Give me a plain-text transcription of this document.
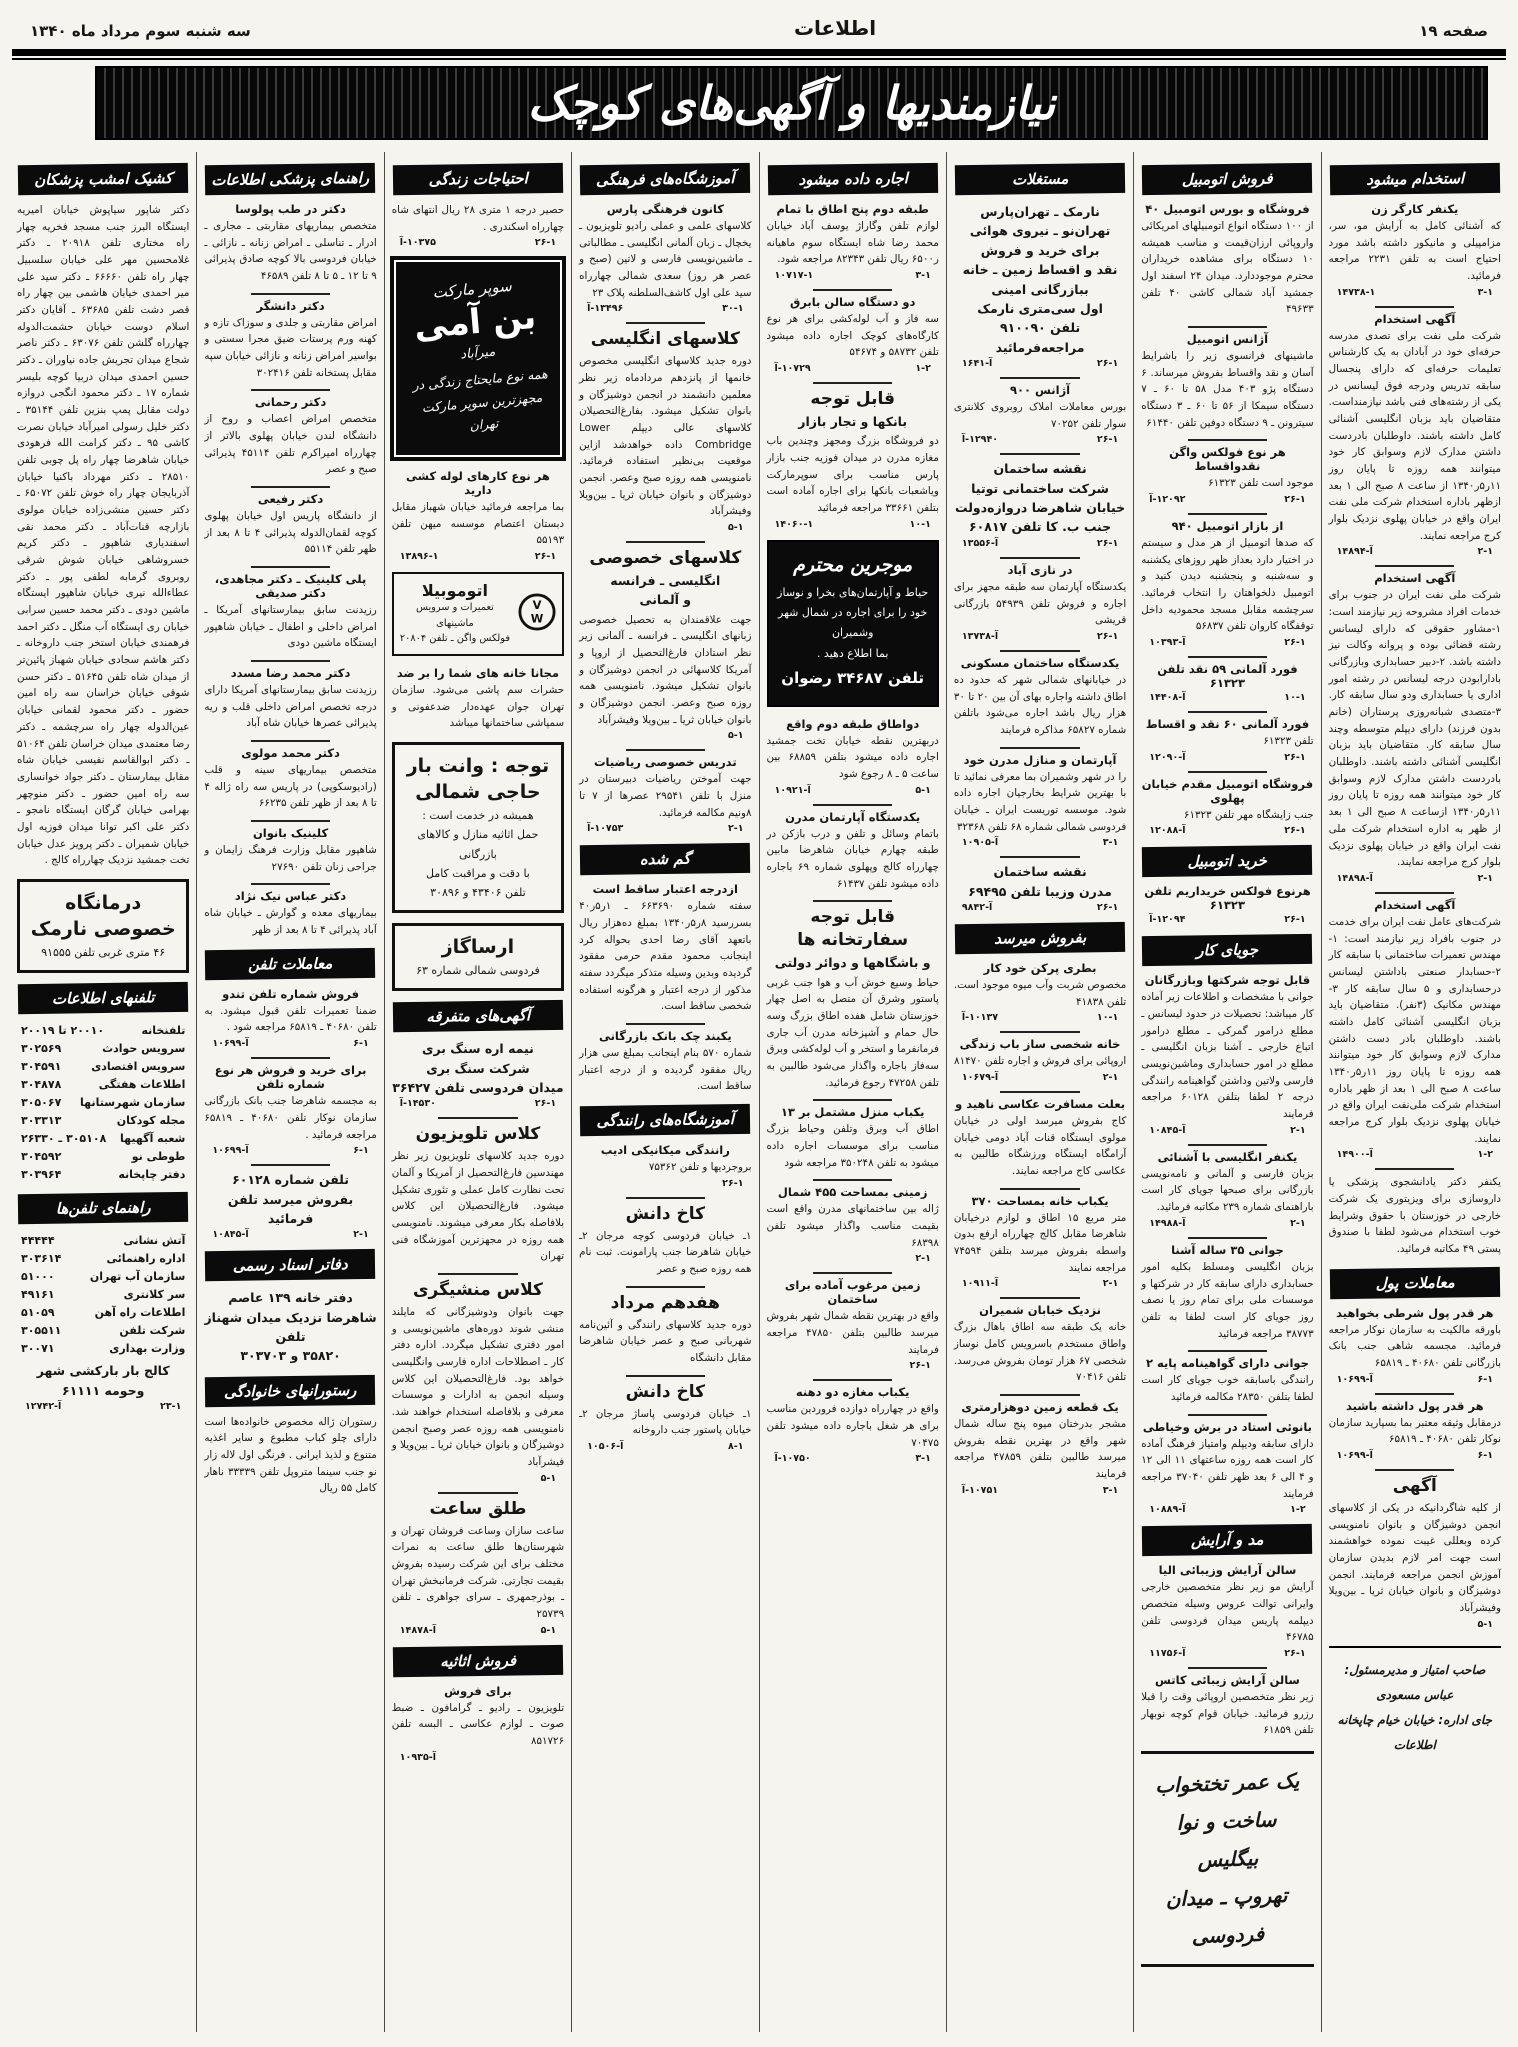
صفحه ۱۹
اطلاعات
سه شنبه سوم مرداد ماه ۱۳۴۰
نیازمندیها و آگهی‌های کوچک
استخدام میشود
یکنفر کارگر زن

که آشنائی کامل به آرایش مو، سر، مزامپیلی و مانیکور داشته باشد مورد احتیاج است به تلفن ۲۲۳۱ مراجعه فرمائید.

۳-۱
۱۴۷۳۸-۱
آگهی استخدام

شرکت ملی نفت برای تصدی مدرسه حرفه‌ای خود در آبادان به یک کارشناس تعلیمات حرفه‌ای که دارای پنجسال سابقه تدریس ودرجه فوق لیسانس در یکی از رشته‌های فنی باشد نیازمنداست. متقاضیان باید بزبان انگلیسی آشنائی کامل داشته باشند. داوطلبان بادردست داشتن مدارک لازم وسوابق کار خود میتوانند همه روزه تا پایان روز ۱۱ر۵ر۱۳۴۰ از ساعت ۸ صبح الی ۱ بعد ازظهر باداره استخدام شرکت ملی نفت ایران واقع در خیابان پهلوی نزدیک بلوار کرج مراجعه نمایند.

۲-۱
آ-۱۴۸۹۴
آگهی استخدام

شرکت ملی نفت ایران در جنوب برای خدمات افراد مشروحه زیر نیازمند است: ۱-مشاور حقوقی که دارای لیسانس رشته قضائی بوده و پروانه وکالت نیز داشته باشد. ۲-دبیر حسابداری وبازرگانی بادارابودن درجه لیسانس در رشته امور اداری یا حسابداری ودو سال سابقه کار. ۳-متصدی شبانه‌روزی پرستاران (خانم بدون فرزند) دارای دیپلم متوسطه وچند سال سابقه کار. متقاضیان باید بزبان انگلیسی آشنائی داشته باشند. داوطلبان بادردست داشتن مدارک لازم وسوابق کار خود میتوانند همه روزه تا پایان روز ۱۱ر۵ر۱۳۴۰ ازساعت ۸ صبح الی ۱ بعد از ظهر به اداره استخدام شرکت ملی نفت ایران واقع در خیابان پهلوی نزدیک بلوار کرج مراجعه نمایند.

۲-۱
آ-۱۴۸۹۸
آگهی استخدام

شرکت‌های عامل نفت ایران برای خدمت در جنوب بافراد زیر نیازمند است: ۱-مهندس تعمیرات ساختمانی با سابقه کار ۲-حسابدار صنعتی باداشتن لیسانس درحسابداری و ۵ سال سابقه کار ۳-مهندس مکانیک (۳نفر). متقاضیان باید بزبان انگلیسی آشنائی کامل داشته باشند. داوطلبان بادر دست داشتن مدارک لازم وسوابق کار خود میتوانند همه روزه تا پایان روز ۱۱ر۵ر۱۳۴۰ ساعت ۸ صبح الی ۱ بعد از ظهر باداره استخدام شرکت ملی‌نفت ایران واقع در خیابان پهلوی نزدیک بلوار کرج مراجعه نمایند.

۱-۲
آ-۱۴۹۰۰

یکنفر دکتر یادانشجوی پزشکی یا داروسازی برای ویزیتوری یک شرکت خارجی در خوزستان با حقوق وشرایط خوب استخدام می‌شود لطفا با صندوق پستی ۴۹ مکاتبه فرمائید.

معاملات پول
هر قدر پول شرطی بخواهید

باورقه مالکیت به سازمان نوکار مراجعه فرمائید. مجسمه شاهی جنب بانک بازرگانی تلفن ۴۰۶۸۰ ـ ۶۵۸۱۹

۶-۱
آ-۱۰۶۹۹
هر قدر پول داشته باشید

درمقابل وثیقه معتبر بما بسپارید سازمان نوکار تلفن ۴۰۶۸۰ ـ ۶۵۸۱۹

۶-۱
آ-۱۰۶۹۹
آگهی

از کلیه شاگردانیکه در یکی از کلاسهای انجمن دوشیزگان و بانوان نامنویسی کرده وبعللی غیبت نموده خواهشمند است جهت امر لازم بدیدن سازمان آموزش انجمن مراجعه فرمایند. انجمن دوشیزگان و بانوان خیابان ثریا ـ بین‌ویلا وفیشرآباد

۵-۱
صاحب امتیاز و مدیرمسئول: عباس مسعودی
جای اداره: خیابان خیام چاپخانه اطلاعات
فروش اتومبیل
فروشگاه و بورس اتومبیل ۴۰

از ۱۰۰ دستگاه انواع اتومبیلهای امریکائی واروپائی ارزان‌قیمت و مناسب همیشه ۱۰ دستگاه برای مشاهده خریداران محترم موجوددارد. میدان ۲۴ اسفند اول جمشید آباد شمالی کاشی ۴۰ تلفن ۴۹۶۳۳

آژانس اتومبیل

ماشینهای فرانسوی زیر را باشرایط آسان و نقد واقساط بفروش میرساند. ۶ دستگاه پژو ۴۰۳ مدل ۵۸ تا ۶۰ ـ ۷ دستگاه سیمکا از ۵۶ تا ۶۰ ـ ۳ دستگاه سیترونن ـ ۹ دستگاه دوفین تلفن ۶۱۴۴۰

هر نوع فولکس واگن نقدواقساط

موجود است تلفن ۶۱۳۲۳

۲۶-۱
۱۲۰۹۲-آ
از بازار اتومبیل ۹۴۰

که صدها اتومبیل از هر مدل و سیستم در اختیار دارد بعداز ظهر روزهای یکشنبه و سه‌شنبه و پنجشنبه دیدن کنید و اتومبیل دلخواهتان را انتخاب فرمائید. سرچشمه مقابل مسجد محمودیه داخل توقفگاه کاروان تلفن ۵۶۸۳۷

۲۶-۱
آ-۱۰۳۹۳
فورد آلمانی ۵۹ نقد تلفن ۶۱۳۲۳
۱۰-۱
آ-۱۴۴۰۸
فورد آلمانی ۶۰ نقد و اقساط

تلفن ۶۱۳۲۳

۲۶-۱
آ-۱۲۰۹۰
فروشگاه اتومبیل مقدم خیابان پهلوی

جنب زایشگاه مهر تلفن ۶۱۳۲۳

۲۶-۱
آ-۱۲۰۸۸
خرید اتومبیل
هرنوع فولکس خریداریم تلفن ۶۱۳۲۳
۲۶-۱
۱۲۰۹۴-آ
جویای کار
قابل توجه شرکتها وبازرگانان

جوانی با مشخصات و اطلاعات زیر آماده کار میباشد: تحصیلات در حدود لیسانس ـ مطلع درامور گمرکی ـ مطلع درامور اتباع خارجی ـ آشنا بزبان انگلیسی ـ مطلع در امور حسابداری وماشین‌نویسی فارسی ولاتین وداشتن گواهینامه رانندگی درجه ۲ لطفا بتلفن ۶۰۱۲۸ مراجعه فرمایند

۲-۱
آ-۱۰۸۴۵
یکنفر انگلیسی با آشنائی

بزبان فارسی و آلمانی و نامه‌نویسی بازرگانی برای صبحها جویای کار است باراهنمای شماره ۲۳۹ مکاتبه فرمائید.

۲-۱
آ-۱۴۹۸۸
جوانی ۳۵ ساله آشنا

بزبان انگلیسی ومسلط بکلیه امور حسابداری دارای سابقه کار در شرکتها و موسسات ملی برای تمام روز یا نصف روز جویای کار است لطفا به تلفن ۳۸۷۷۳ مراجعه فرمائید

جوانی دارای گواهینامه پایه ۲

رانندگی باسابقه خوب جویای کار است لطفا بتلفن ۲۸۳۵۰ مکالمه فرمائید

بانوئی استاد در برش وخیاطی

دارای سابقه ودیپلم وامتیاز فرهنگ آماده کار است همه روزه ساعتهای ۱۱ الی ۱۲ و ۴ الی ۶ بعد ظهر تلفن ۳۷۰۴۰ مراجعه فرمایند

۱-۲
آ-۱۰۸۸۹
مد و آرایش
سالن آرایش وزیبائی الیا

آرایش مو زیر نظر متخصصین خارجی وایرانی توالت عروس وسیله متخصص دیپلمه پاریس میدان فردوسی تلفن ۴۶۷۸۵

۲۶-۱
آ-۱۱۷۵۶
سالن آرایش زیبائی کاتس

زیر نظر متخصصین اروپائی وقت را قبلا رزرو فرمائید. خیابان قوام کوچه نوبهار تلفن ۶۱۸۵۹

یک عمر تختخواب
ساخت و نوا بیگلیس
تهروپ ـ میدان فردوسی
مستغلات
نارمک ـ تهران‌پارس
تهران‌نو ـ نیروی هوائی
برای خرید و فروش
نقد و اقساط زمین ـ خانه
ببازرگانی امینی
اول سی‌متری نارمک
تلفن ۹۱۰۰۹۰ مراجعه‌فرمائید
۲۶-۱
آ-۱۶۴۱
آژانس ۹۰۰

بورس معاملات املاک روبروی کلانتری سوار تلفن ۷۰۲۵۲

۲۶-۱
۱۲۹۴۰-آ
نقشه ساختمان
شرکت ساختمانی توتیا
خیابان شاهرضا دروازه‌دولت
جنب ب. کا تلفن ۶۰۸۱۷
۲۶-۱
آ-۱۳۵۵۶
در نازی آباد

یکدستگاه آپارتمان سه طبقه مجهز برای اجاره و فروش تلفن ۵۴۹۳۹ بازرگانی قریشی

۲۶-۱
آ-۱۳۷۳۸
یکدستگاه ساختمان مسکونی

در خیابانهای شمالی شهر که حدود ده اطاق داشته واجاره بهای آن بین ۲۰ تا ۳۰ هزار ریال باشد اجاره می‌شود باتلفن شماره ۶۵۸۲۷ مذاکره فرمایند

آپارتمان و منازل مدرن خود

را در شهر وشمیران بما معرفی نمائید تا با بهترین شرایط بخارجیان اجاره داده شود. موسسه توریست ایران ـ خیابان فردوسی شمالی شماره ۶۸ تلفن ۳۲۳۶۸

۳-۱
آ-۱۰۹۰۵
نقشه ساختمان
مدرن وزیبا تلفن ۶۹۴۹۵
۲۶-۱
آ-۹۸۴۲
بفروش میرسد
بطری پرکن خود کار

مخصوص شربت وآب میوه موجود است. تلفن ۴۱۸۳۸

۱۰-۱
۱۰۱۳۷-آ
خانه شخصی ساز باب زندگی

اروپائی برای فروش و اجاره تلفن ۸۱۴۷۰

۲-۱
آ-۱۰۶۷۹
بعلت مسافرت عکاسی ناهید و

کاج بفروش میرسد اولی در خیابان مولوی ایستگاه قنات آباد دومی خیابان آرامگاه ایستگاه ورزشگاه طالبین به عکاسی کاج مراجعه نمایند.

یکباب خانه بمساحت ۳۷۰

متر مربع ۱۵ اطاق و لوازم درخیابان شاهرضا مقابل کالج چهارراه ارفع بدون واسطه بفروش میرسد بتلفن ۷۴۵۹۴ مراجعه نمایند

۲-۱
آ-۱۰۹۱۱
نزدیک خیابان شمیران

خانه یک طبقه سه اطاق باهال بزرگ واطاق مستخدم باسرویس کامل نوساز شخصی ۶۷ هزار تومان بفروش می‌رسد. تلفن ۷۰۴۱۶

یک قطعه زمین دوهزارمتری

مشجر بدرختان میوه پنج ساله شمال شهر واقع در بهترین نقطه بفروش میرسد طالبین بتلفن ۴۷۸۵۹ مراجعه فرمایند

۳-۱
۱۰۷۵۱-آ
اجاره داده میشود
طبقه دوم پنج اطاق با تمام

لوازم تلفن وگاراژ یوسف آباد خیابان محمد رضا شاه ایستگاه سوم ماهیانه ر۶۵۰۰ ریال تلفن ۸۲۳۴۳ مراجعه شود.

۳-۱
۱۰۷۱۷-۱
دو دستگاه سالن بابرق

سه فاز و آب لوله‌کشی برای هر نوع کارگاه‌های کوچک اجاره داده میشود تلفن ۵۸۷۳۲ و ۵۴۶۷۴

۱-۲
۱۰۷۲۹-آ
قابل توجه
بانکها و تجار بازار

دو فروشگاه بزرگ ومجهز وچندین باب مغازه مدرن در میدان فوزیه جنب بازار پارس مناسب برای سوپرمارکت ویاشعبات بانکها برای اجاره آماده است بتلفن ۳۳۶۶۱ مراجعه فرمائید

۱۰-۱
۱۴۰۶۰-۱
موجرین محترم
حیاط و آپارتمان‌های بخرا و نوساز
خود را برای اجاره در شمال شهر وشمیران
بما اطلاع دهید .
تلفن ۳۴۶۸۷ رضوان
دواطاق طبقه دوم واقع

دربهترین نقطه خیابان تخت جمشید اجاره داده میشود بتلفن ۶۸۸۵۹ بین ساعت ۵ ـ ۸ رجوع شود

۵-۱
آ-۱۰۹۲۱
یکدستگاه آپارتمان مدرن

باتمام وسائل و تلفن و درب بازکن در طبقه چهارم خیابان شاهرضا مابین چهارراه کالج وپهلوی شماره ۶۹ باجاره داده میشود تلفن ۶۱۴۳۷

قابل توجه سفارتخانه ها
و باشگاهها و دوائر دولتی

حیاط وسیع خوش آب و هوا جنب غربی پاستور وشرق آن متصل به اصل چهار خوزستان شامل هفده اطاق بزرگ وسه حال حمام و آشپزخانه مدرن آب جاری فرمانفرما و استخر و آب لوله‌کشی وبرق سه‌فاز باجاره واگذار می‌شود طالبین به تلفن ۴۷۲۵۸ رجوع فرمائید.

یکباب منزل مشتمل بر ۱۳

اطاق آب وبرق وتلفن وحیاط بزرگ مناسب برای موسسات اجاره داده میشود به تلفن ۳۵۰۲۴۸ مراجعه شود

زمینی بمساحت ۴۵۵ شمال

ژاله بین ساختمانهای مدرن واقع است بقیمت مناسب واگذار میشود تلفن ۶۸۳۹۸

۲-۱
زمین مرغوب آماده برای ساختمان

واقع در بهترین نقطه شمال شهر بفروش میرسد طالبین بتلفن ۴۷۸۵۰ مراجعه فرمایند

۲۶-۱
یکباب مغازه دو دهنه

واقع در چهارراه دوازده فروردین مناسب برای هر شغل باجاره داده میشود تلفن ۷۰۴۷۵

۳-۱
۱۰۷۵۰-آ
آموزشگاه‌های فرهنگی
کانون فرهنگی پارس

کلاسهای علمی و عملی رادیو تلویزیون ـ یخچال ـ زبان آلمانی انگلیسی ـ مطالباتی ـ ماشین‌نویسی فارسی و لاتین (صبح و عصر هر روز) سعدی شمالی چهارراه سید علی اول کاشف‌السلطنه پلاک ۲۳

۳۰-۱
۱۳۴۹۶-آ
کلاسهای انگلیسی

دوره جدید کلاسهای انگلیسی مخصوص خانمها از پانزدهم مردادماه زیر نظر معلمین دانشمند در انجمن دوشیزگان و بانوان تشکیل میشود. بفارغ‌التحصیلان کلاسهای عالی دیپلم Lower Combridge داده خواهدشد ازاین موقعیت بی‌نظیر استفاده فرمائید. نامنویسی همه روزه صبح وعصر. انجمن دوشیزگان و بانوان خیابان ثریا ـ بین‌ویلا وفیشرآباد

۵-۱
کلاسهای خصوصی
انگلیسی ـ فرانسه
و آلمانی

جهت علاقمندان به تحصیل خصوصی زبانهای انگلیسی ـ فرانسه ـ آلمانی زیر نظر استادان فارغ‌التحصیل از اروپا و آمریکا کلاسهائی در انجمن دوشیزگان و بانوان تشکیل میشود. نامنویسی همه روزه صبح وعصر. انجمن دوشیزگان و بانوان خیابان ثریا ـ بین‌ویلا وفیشرآباد

۵-۱
تدریس خصوصی ریاضیات

جهت آموختن ریاضیات دبیرستان در منزل با تلفن ۲۹۵۴۱ عصرها از ۷ تا ۸ونیم مکالمه فرمائید.

۲-۱
۱۰۷۵۳-آ
گم شده
ازدرجه اعتبار ساقط است

سفته شماره ۶۶۳۶۹۰ ـ ۱ر۵ر۴۰ بسررسید ۸ر۵ر۱۳۴۰ بمبلغ ده‌هزار ریال باتعهد آقای رضا احدی بحواله کرد اینجانب محمود مقدم حرمی مفقود گردیده وبدین وسیله متذکر میگردد سفته مذکور از درجه اعتبار و هرگونه استفاده شخصی ساقط است.

یکبند چک بانک بازرگانی

شماره ۵۷۰ بنام اینجانب بمبلغ سی هزار ریال مفقود گردیده و از درجه اعتبار ساقط است.

آموزشگاه‌های رانندگی
رانندگی میکانیکی ادیب

بروجردیها و تلفن ۷۵۳۶۲

۲۶-۱
کاخ دانش

۱ـ خیابان فردوسی کوچه مرجان ۲ـ خیابان شاهرضا جنب پارامونت. ثبت نام همه روزه صبح و عصر

هفدهم مرداد

دوره جدید کلاسهای رانندگی و آئین‌نامه شهربانی صبح و عصر خیابان شاهرضا مقابل دانشگاه

کاخ دانش

۱ـ خیابان فردوسی پاساژ مرجان ۲ـ خیابان پاستور جنب داروخانه

۸-۱
آ-۱۰۵۰۶
احتیاجات زندگی

حصیر درجه ۱ متری ۲۸ ریال انتهای شاه چهارراه اسکندری .

۲۶-۱
۱۰۳۷۵-آ
سوپر مارکت
بن آمی
میرآباد
همه نوع مایحتاج زندگی در
مجهزترین سوپر مارکت تهران
هر نوع کارهای لوله کشی دارید

بما مراجعه فرمائید خیابان شهباز مقابل دبستان اعتصام موسسه میهن تلفن ۵۵۱۹۳

۲۶-۱
۱۳۸۹۶-۱
V
W
اتوموبیلا
تعمیرات و سرویس ماشینهای
فولکس واگن ـ تلفن ۲۰۸۰۴
مجانا خانه های شما را بر ضد

حشرات سم پاشی می‌شود. سازمان تهران جوان عهده‌دار ضدعفونی و سمپاشی ساختمانها میباشد

توجه : وانت بار حاجی شمالی
همیشه در خدمت است :
حمل اثاثیه منازل و کالاهای بازرگانی
با دقت و مراقبت کامل
تلفن ۴۳۴۰۶ و ۳۰۸۹۶
ارساگاز
فردوسی شمالی شماره ۶۳
آگهی‌های متفرقه
نیمه اره سنگ بری
شرکت سنگ بری
میدان فردوسی تلفن ۳۶۴۲۷
۲۶-۱
۱۴۵۳۰-آ
کلاس تلویزیون

دوره جدید کلاسهای تلویزیون زیر نظر مهندسین فارغ‌التحصیل از آمریکا و آلمان تحت نظارت کامل عملی و تئوری تشکیل میشود. فارغ‌التحصیلان این کلاس بلافاصله بکار معرفی میشوند. نامنویسی همه روزه در مجهزترین آموزشگاه فنی تهران

کلاس منشیگری

جهت بانوان ودوشیزگانی که مایلند منشی شوند دوره‌های ماشین‌نویسی و امور دفتری تشکیل میگردد. اداره دفتر کار ـ اصطلاحات اداره فارسی وانگلیسی خواهد بود. فارغ‌التحصیلان این کلاس وسیله انجمن به ادارات و موسسات معرفی و بلافاصله استخدام خواهند شد. نامنویسی همه روزه عصر وصبح انجمن دوشیزگان و بانوان خیابان ثریا ـ بین‌ویلا و فیشرآباد

۵-۱
طلق ساعت

ساعت سازان وساعت فروشان تهران و شهرستان‌ها طلق ساعت به نمرات مختلف برای این شرکت رسیده بفروش بقیمت تجارتی. شرکت فرمانبخش تهران ـ بوذرجمهری ـ سرای جواهری ـ تلفن ۲۵۷۳۹

۵-۱
آ-۱۴۸۷۸
فروش اثاثیه
برای فروش

تلویزیون ـ رادیو ـ گرامافون ـ ضبط صوت ـ لوازم عکاسی ـ البسه تلفن ۸۵۱۷۲۶

آ-۱۰۹۳۵
راهنمای پزشکی اطلاعات
دکتر در طب پولوسا

متخصص بیماریهای مقاربتی ـ مجاری ـ ادرار ـ تناسلی ـ امراض زنانه ـ نازائی ـ خیابان فردوسی بالا کوچه صادق پذیرائی ۹ تا ۱۲ ـ ۵ تا ۸ تلفن ۴۶۵۸۹

دکتر دانشگر

امراض مقاربتی و جلدی و سوزاک تازه و کهنه ورم پرستات ضیق مجرا سستی و بواسیر امراض زنانه و نازائی خیابان سپه مقابل پستخانه تلفن ۳۰۲۴۱۶

دکتر رحمانی

متخصص امراض اعصاب و روح از دانشگاه لندن خیابان پهلوی بالاتر از چهارراه امیراکرم تلفن ۴۵۱۱۴ پذیرائی صبح و عصر

دکتر رفیعی

از دانشگاه پاریس اول خیابان پهلوی کوچه لقمان‌الدوله پذیرائی ۴ تا ۸ بعد از ظهر تلفن ۵۵۱۱۴

پلی کلینیک ـ دکتر مجاهدی، دکتر صدیقی

رزیدنت سابق بیمارستانهای آمریکا ـ امراض داخلی و اطفال ـ خیابان شاهپور ایستگاه ماشین دودی

دکتر محمد رضا مسدد

رزیدنت سابق بیمارستانهای آمریکا دارای درجه تخصص امراض داخلی قلب و ریه پذیرائی عصرها خیابان شاه آباد

دکتر محمد مولوی

متخصص بیماریهای سینه و قلب (رادیوسکوپی) در پاریس سه راه ژاله ۴ تا ۸ بعد از ظهر تلفن ۶۶۲۳۵

کلینیک بانوان

شاهپور مقابل وزارت فرهنگ زایمان و جراحی زنان تلفن ۲۷۶۹۰

دکتر عباس نیک نژاد

بیماریهای معده و گوارش ـ خیابان شاه آباد پذیرائی ۴ تا ۸ بعد از ظهر

معاملات تلفن
فروش شماره تلفن تندو

ضمنا تعمیرات تلفن قبول میشود. به تلفن ۴۰۶۸۰ ـ ۶۵۸۱۹ مراجعه شود .

۶-۱
آ-۱۰۶۹۹
برای خرید و فروش هر نوع شماره تلفن

به مجسمه شاهرضا جنب بانک بازرگانی سازمان نوکار تلفن ۴۰۶۸۰ ـ ۶۵۸۱۹ مراجعه فرمائید .

۶-۱
آ-۱۰۶۹۹
تلفن شماره ۶۰۱۲۸
بفروش میرسد تلفن فرمائید
۲-۱
آ-۱۰۸۴۵
دفاتر اسناد رسمی
دفتر خانه ۱۳۹ عاصم
شاهرضا نزدیک میدان شهناز تلفن
۳۵۸۲۰ و ۳۰۳۷۰۳
رستورانهای خانوادگی

رستوران ژاله مخصوص خانواده‌ها است دارای چلو کباب مطبوع و سایر اغذیه متنوع و لذیذ ایرانی . فرنگی اول لاله زار نو جنب سینما متروپل تلفن ۳۳۳۳۹ ناهار کامل ۵۵ ریال

کشیک امشب پزشکان

دکتر شاپور سیاپوش خیابان امیریه ایستگاه البرز جنب مسجد فخریه چهار راه مختاری تلفن ۲۰۹۱۸ ـ دکتر غلامحسین مهر علی خیابان سلسبیل چهار راه تلفن ۶۶۶۶۰ ـ دکتر سید علی میر احمدی خیابان هاشمی بین چهار راه قصر دشت تلفن ۶۳۶۸۵ ـ آقایان دکتر اسلام دوست خیابان حشمت‌الدوله چهارراه گلشن تلفن ۶۳۰۷۶ ـ دکتر ناصر شجاع میدان تجریش جاده نیاوران ـ دکتر حسین احمدی میدان دربیا کوچه بلیسر شماره ۱۷ ـ دکتر محمود انگجی دروازه دولت مقابل پمپ بنزین تلفن ۳۵۱۴۴ ـ دکتر خلیل رسولی امیرآباد خیابان نصرت کاشی ۹۵ ـ دکتر کرامت الله فرهودی خیابان شاهرضا چهار راه پل چوبی تلفن ۲۸۵۱۰ ـ دکتر مهرداد باکنیا خیابان آذربایجان چهار راه خوش تلفن ۶۵۰۷۲ ـ دکتر حسین منشی‌زاده خیابان مولوی بازارچه قنات‌آباد ـ دکتر محمد نقی اسفندیاری شاهپور ـ دکتر کریم خسروشاهی خیابان شوش شرقی روبروی گرمابه لطفی پور ـ دکتر عطاءالله نیری خیابان شاهپور ایستگاه ماشین دودی ـ دکتر محمد حسین سرابی خیابان ری ایستگاه آب منگل ـ دکتر احمد فرهمندی خیابان استخر جنب داروخانه ـ دکتر هاشم سجادی خیابان شهباز پائین‌تر از میدان شاه تلفن ۵۱۶۴۵ ـ دکتر حسن شوقی خیابان خراسان سه راه امین حضور ـ دکتر محمود لقمانی خیابان عین‌الدوله چهار راه سرچشمه ـ دکتر رضا معتمدی میدان خراسان تلفن ۵۱۰۶۴ ـ دکتر ابوالقاسم نفیسی خیابان شاه مقابل بیمارستان ـ دکتر جواد خوانساری سه راه امین حضور ـ دکتر منوچهر بهرامی خیابان گرگان ایستگاه نامجو ـ دکتر علی اکبر توانا میدان فوزیه اول خیابان شمیران ـ دکتر پرویز عدل خیابان تخت جمشید نزدیک چهارراه کالج .

درمانگاه خصوصی نارمک
۴۶ متری غربی تلفن ۹۱۵۵۵
تلفنهای اطلاعات
تلفنخانه
۲۰۰۱۰ تا ۲۰۰۱۹
سرویس حوادث
۳۰۲۵۶۹
سرویس اقتصادی
۳۰۴۵۹۱
اطلاعات هفتگی
۳۰۴۸۷۸
سازمان شهرستانها
۳۰۵۰۶۷
مجله کودکان
۳۰۳۳۱۳
شعبه آگهیها
۳۰۵۱۰۸ ـ ۲۶۳۳۰
طوطی نو
۳۰۴۵۹۲
دفتر چاپخانه
۳۰۳۹۶۴
راهنمای تلفن‌ها
آتش نشانی
۴۴۴۴۴
اداره راهنمائی
۳۰۳۶۱۴
سازمان آب تهران
۵۱۰۰۰
سر کلانتری
۴۹۱۶۱
اطلاعات راه آهن
۵۱۰۵۹
شرکت تلفن
۳۰۵۵۱۱
وزارت بهداری
۳۰۰۷۱
کالج بار بارکشی شهر وحومه ۶۱۱۱۱
۲۳-۱
آ-۱۲۷۴۲
